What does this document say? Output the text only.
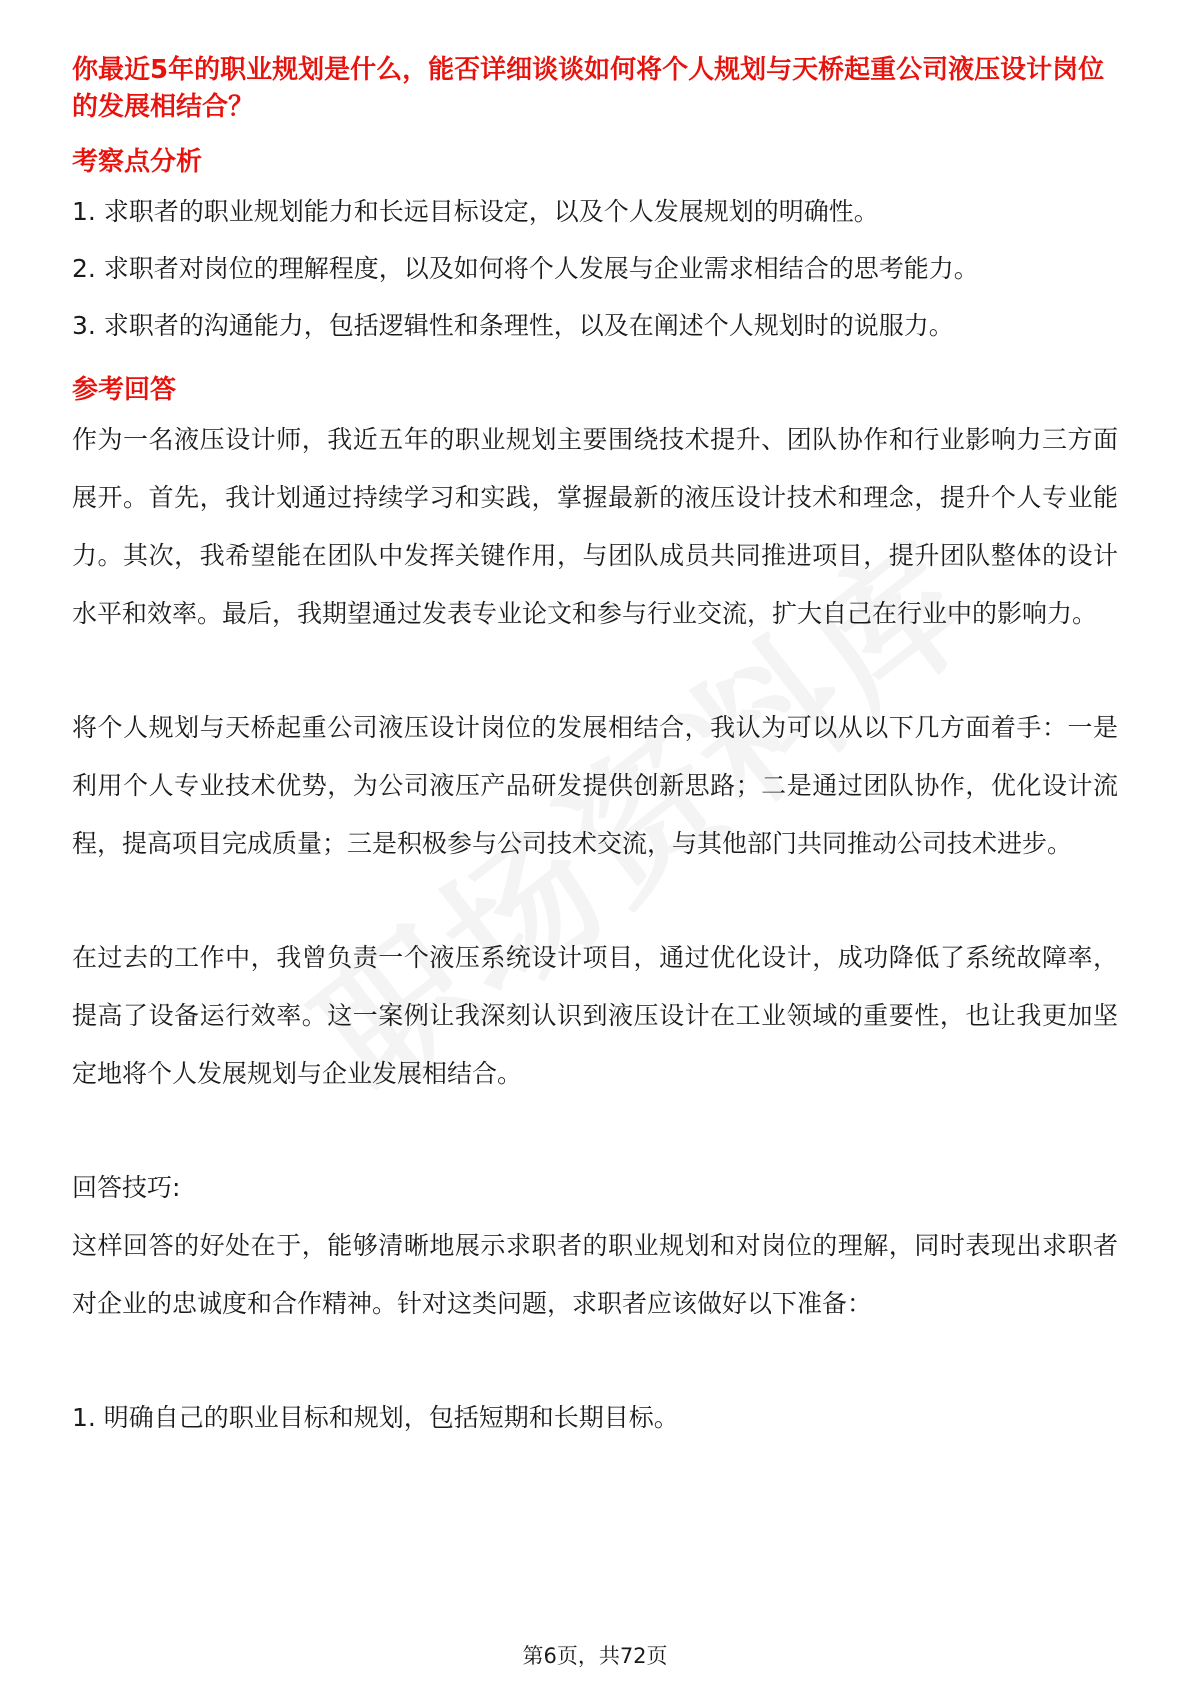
你最近5年的职业规划是什么，能否详细谈谈如何将个人规划与天桥起重公司液压设计岗位的发展相结合？

考察点分析

1. 求职者的职业规划能力和长远目标设定，以及个人发展规划的明确性。

2. 求职者对岗位的理解程度，以及如何将个人发展与企业需求相结合的思考能力。

3. 求职者的沟通能力，包括逻辑性和条理性，以及在阐述个人规划时的说服力。

参考回答

作为一名液压设计师，我近五年的职业规划主要围绕技术提升、团队协作和行业影响力三方面展开。首先，我计划通过持续学习和实践，掌握最新的液压设计技术和理念，提升个人专业能力。其次，我希望能在团队中发挥关键作用，与团队成员共同推进项目，提升团队整体的设计水平和效率。最后，我期望通过发表专业论文和参与行业交流，扩大自己在行业中的影响力。

将个人规划与天桥起重公司液压设计岗位的发展相结合，我认为可以从以下几方面着手：一是利用个人专业技术优势，为公司液压产品研发提供创新思路；二是通过团队协作，优化设计流程，提高项目完成质量；三是积极参与公司技术交流，与其他部门共同推动公司技术进步。

在过去的工作中，我曾负责一个液压系统设计项目，通过优化设计，成功降低了系统故障率，提高了设备运行效率。这一案例让我深刻认识到液压设计在工业领域的重要性，也让我更加坚定地将个人发展规划与企业发展相结合。

回答技巧:

这样回答的好处在于，能够清晰地展示求职者的职业规划和对岗位的理解，同时表现出求职者对企业的忠诚度和合作精神。针对这类问题，求职者应该做好以下准备：

1. 明确自己的职业目标和规划，包括短期和长期目标。

第6页，共72页
